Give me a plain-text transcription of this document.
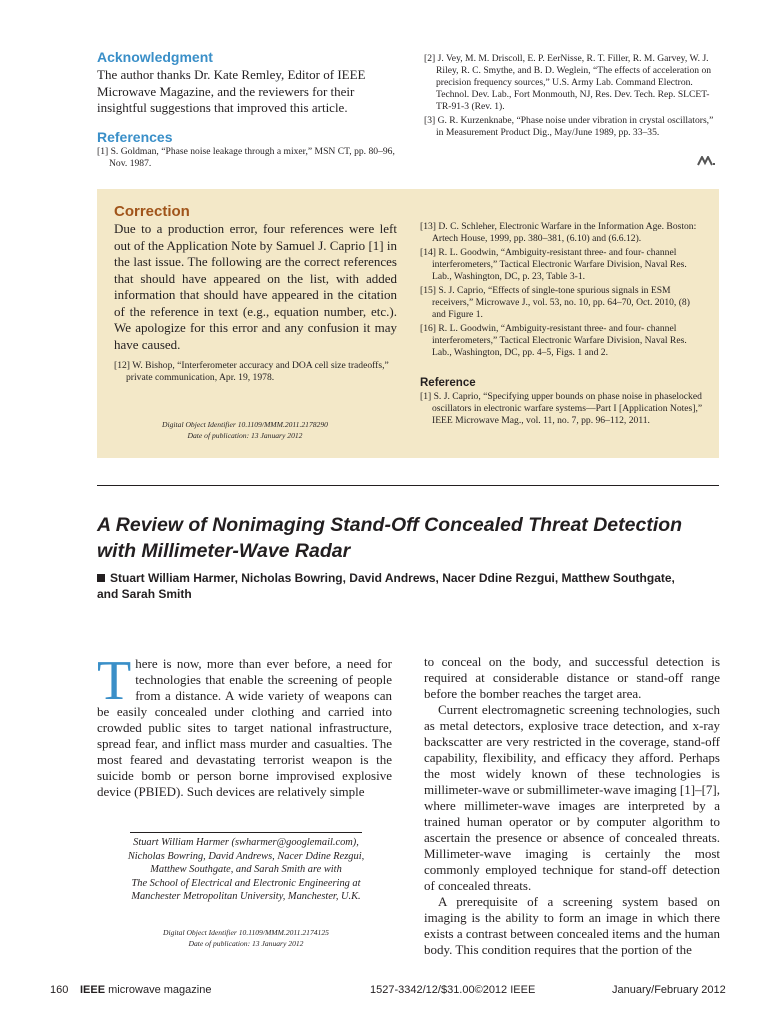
Acknowledgment
The author thanks Dr. Kate Remley, Editor of IEEE Microwave Magazine, and the reviewers for their insightful suggestions that improved this article.
References
[1] S. Goldman, “Phase noise leakage through a mixer,” MSN CT, pp. 80–96, Nov. 1987.
[2] J. Vey, M. M. Driscoll, E. P. EerNisse, R. T. Filler, R. M. Garvey, W. J. Riley, R. C. Smythe, and B. D. Weglein, “The effects of acceleration on precision frequency sources,” U.S. Army Lab. Command Electron. Technol. Dev. Lab., Fort Monmouth, NJ, Res. Dev. Tech. Rep. SLCET-TR-91-3 (Rev. 1).
[3] G. R. Kurzenknabe, “Phase noise under vibration in crystal oscillators,” in Measurement Product Dig., May/June 1989, pp. 33–35.
Correction
Due to a production error, four references were left out of the Application Note by Samuel J. Caprio [1] in the last issue. The following are the correct references that should have appeared on the list, with added information that should have appeared in the citation of the reference in text (e.g., equation number, etc.). We apologize for this error and any confusion it may have caused.
[12] W. Bishop, “Interferometer accuracy and DOA cell size tradeoffs,” private communication, Apr. 19, 1978.
Digital Object Identifier 10.1109/MMM.2011.2178290
Date of publication: 13 January 2012
[13] D. C. Schleher, Electronic Warfare in the Information Age. Boston: Artech House, 1999, pp. 380–381, (6.10) and (6.6.12).
[14] R. L. Goodwin, “Ambiguity-resistant three- and four- channel interferometers,” Tactical Electronic Warfare Division, Naval Res. Lab., Washington, DC, p. 23, Table 3-1.
[15] S. J. Caprio, “Effects of single-tone spurious signals in ESM receivers,” Microwave J., vol. 53, no. 10, pp. 64–70, Oct. 2010, (8) and Figure 1.
[16] R. L. Goodwin, “Ambiguity-resistant three- and four- channel interferometers,” Tactical Electronic Warfare Division, Naval Res. Lab., Washington, DC, pp. 4–5, Figs. 1 and 2.
Reference
[1] S. J. Caprio, “Specifying upper bounds on phase noise in phaselocked oscillators in electronic warfare systems—Part I [Application Notes],” IEEE Microwave Mag., vol. 11, no. 7, pp. 96–112, 2011.
A Review of Nonimaging Stand-Off Concealed Threat Detection with Millimeter-Wave Radar
Stuart William Harmer, Nicholas Bowring, David Andrews, Nacer Ddine Rezgui, Matthew Southgate, and Sarah Smith
There is now, more than ever before, a need for technologies that enable the screening of people from a distance. A wide variety of weapons can be easily concealed under clothing and carried into crowded public sites to target national infrastructure, spread fear, and inflict mass murder and casualties. The most feared and devastating terrorist weapon is the suicide bomb or person borne improvised explosive device (PBIED). Such devices are relatively simple

to conceal on the body, and successful detection is required at considerable distance or stand-off range before the bomber reaches the target area.

Current electromagnetic screening technologies, such as metal detectors, explosive trace detection, and x-ray backscatter are very restricted in the coverage, stand-off capability, flexibility, and efficacy they afford. Perhaps the most widely known of these technologies is millimeter-wave or submillimeter-wave imaging [1]–[7], where millimeter-wave images are interpreted by a trained human operator or by computer algorithm to ascertain the presence or absence of concealed threats. Millimeter-wave imaging is certainly the most commonly employed technique for stand-off detection of concealed threats.

A prerequisite of a screening system based on imaging is the ability to form an image in which there exists a contrast between concealed items and the human body. This condition requires that the portion of the

Stuart William Harmer (swharmer@googlemail.com),
Nicholas Bowring, David Andrews, Nacer Ddine Rezgui,
Matthew Southgate, and Sarah Smith are with
The School of Electrical and Electronic Engineering at
Manchester Metropolitan University, Manchester, U.K.
Digital Object Identifier 10.1109/MMM.2011.2174125
Date of publication: 13 January 2012
160 IEEE microwave magazine	1527-3342/12/$31.00©2012 IEEE	January/February 2012
